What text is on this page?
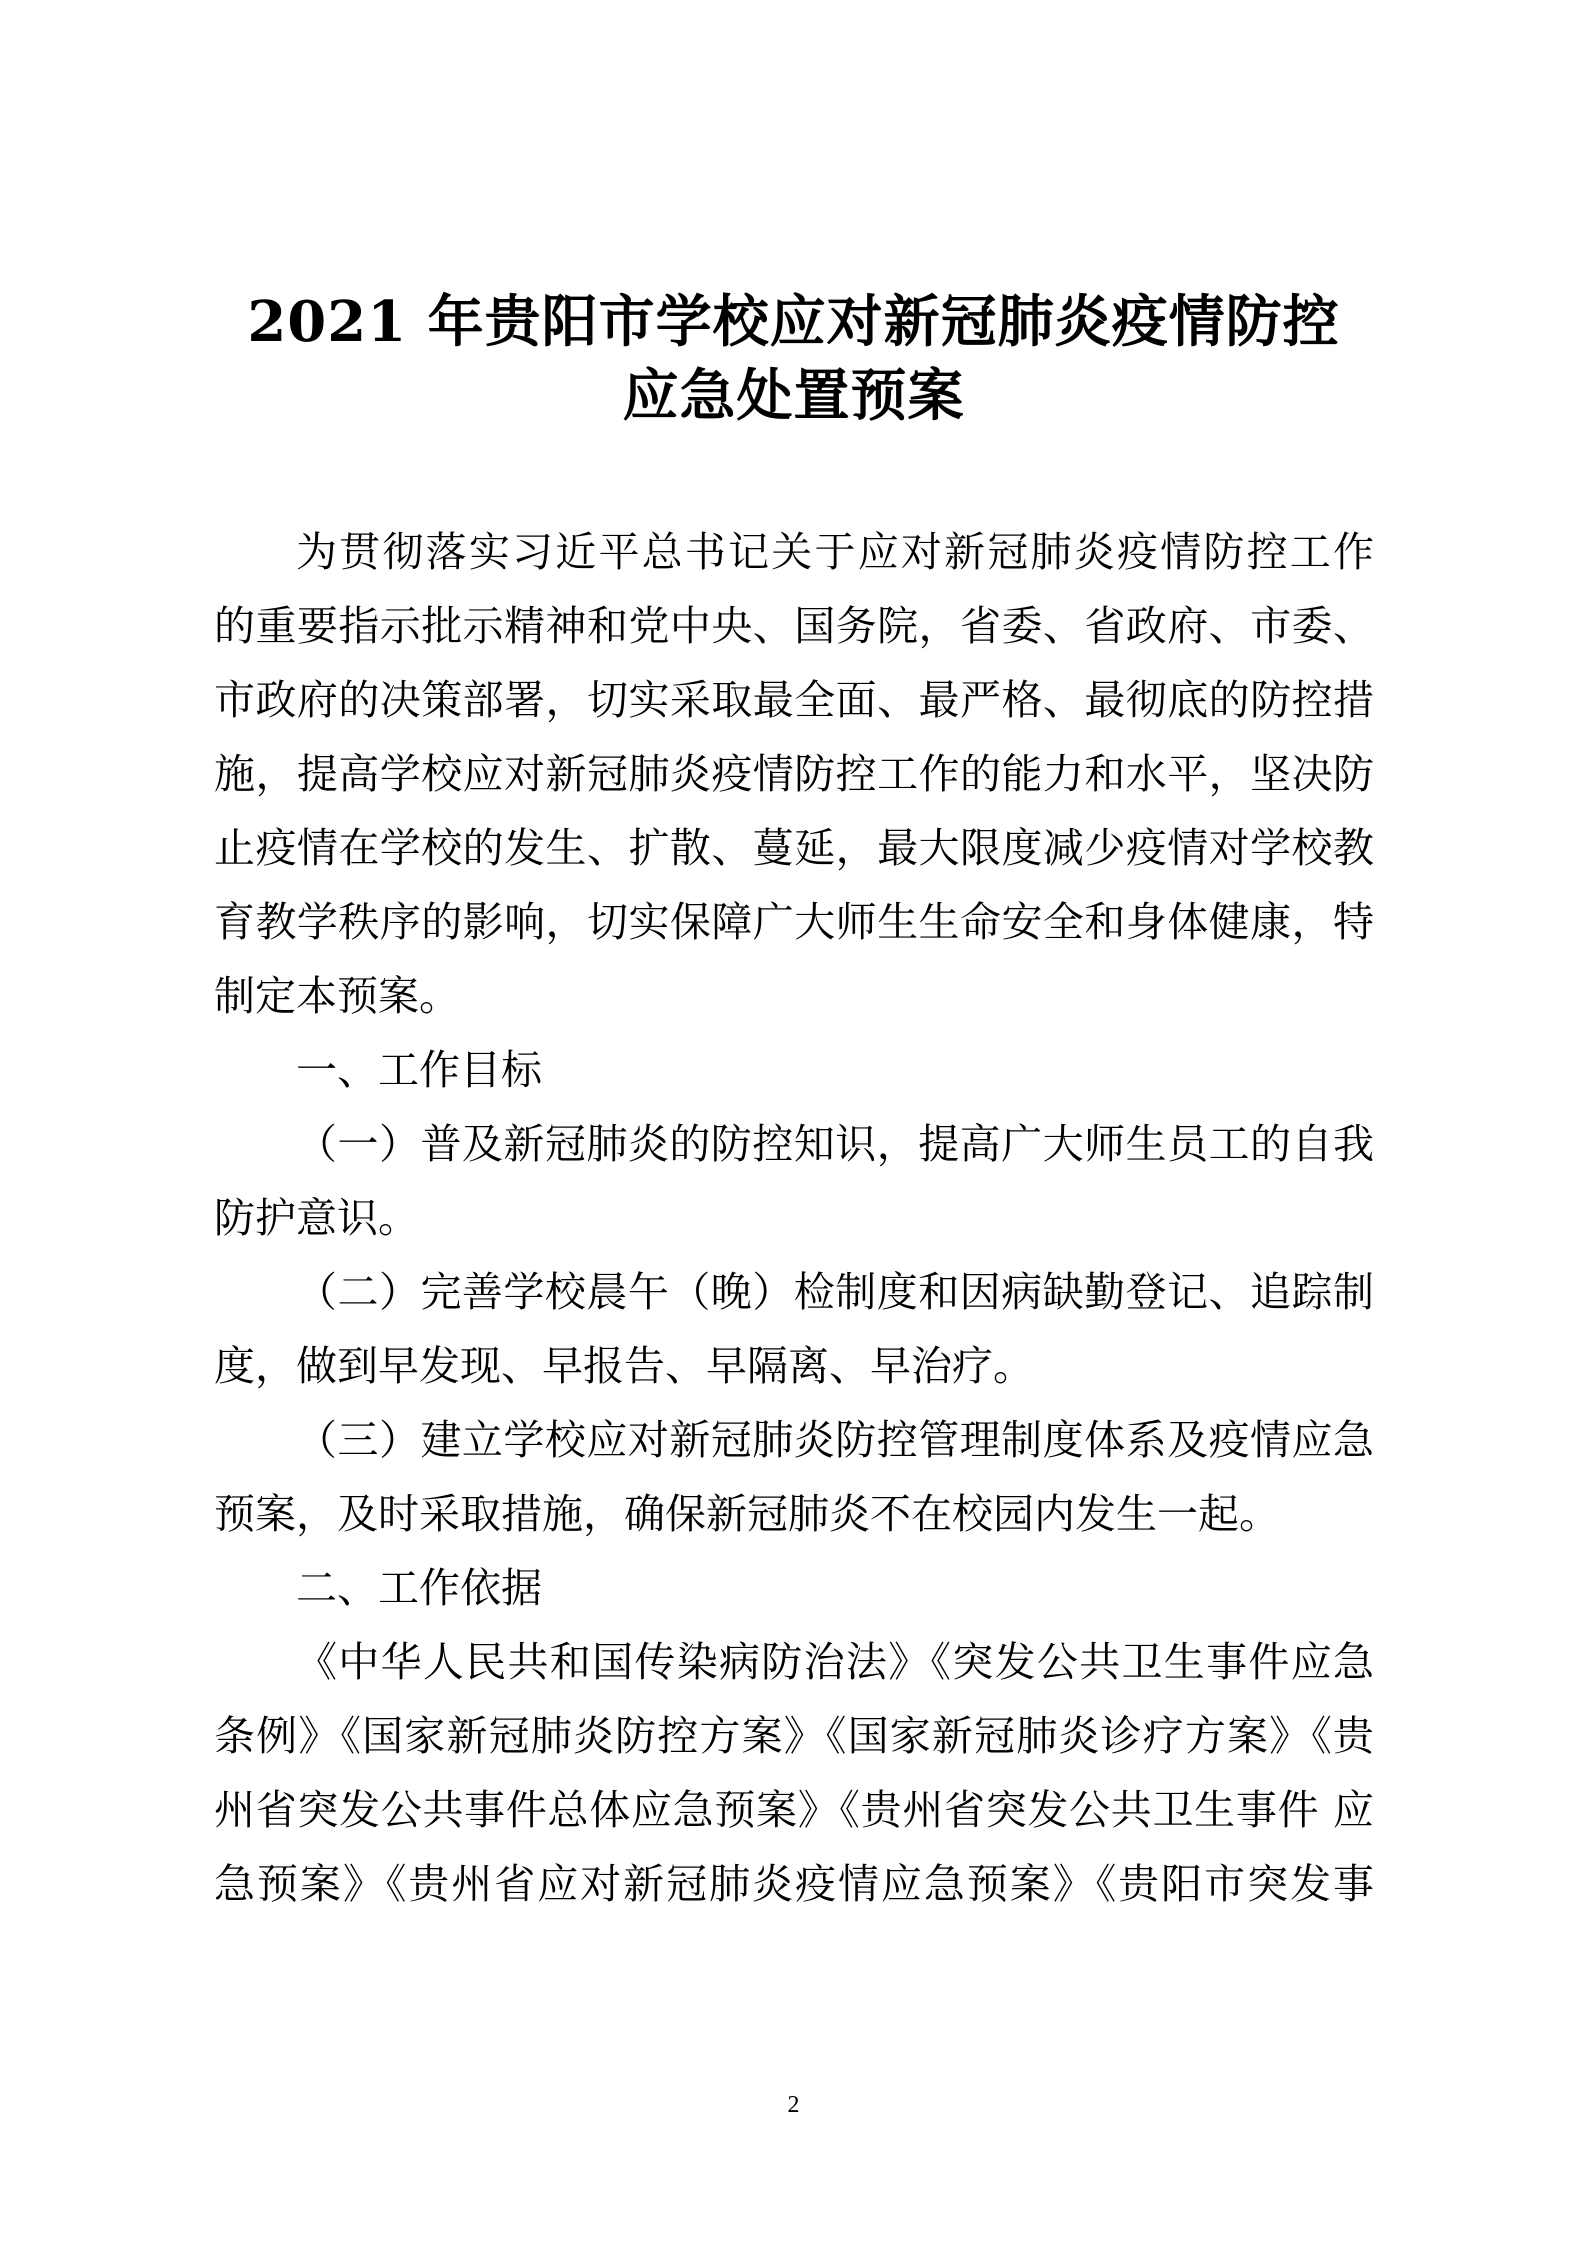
2021 年贵阳市学校应对新冠肺炎疫情防控
应急处置预案
为贯彻落实习近平总书记关于应对新冠肺炎疫情防控工作
的重要指示批示精神和党中央、国务院，省委、省政府、市委、
市政府的决策部署，切实采取最全面、最严格、最彻底的防控措
施，提高学校应对新冠肺炎疫情防控工作的能力和水平，坚决防
止疫情在学校的发生、扩散、蔓延，最大限度减少疫情对学校教
育教学秩序的影响，切实保障广大师生生命安全和身体健康，特
制定本预案。
一、工作目标
（一）普及新冠肺炎的防控知识，提高广大师生员工的自我
防护意识。
（二）完善学校晨午（晚）检制度和因病缺勤登记、追踪制
度，做到早发现、早报告、早隔离、早治疗。
（三）建立学校应对新冠肺炎防控管理制度体系及疫情应急
预案，及时采取措施，确保新冠肺炎不在校园内发生一起。
二、工作依据
《中华人民共和国传染病防治法》《突发公共卫生事件应急
条例》《国家新冠肺炎防控方案》《国家新冠肺炎诊疗方案》《贵
州省突发公共事件总体应急预案》《贵州省突发公共卫生事件 应
急预案》《贵州省应对新冠肺炎疫情应急预案》《贵阳市突发事
2
